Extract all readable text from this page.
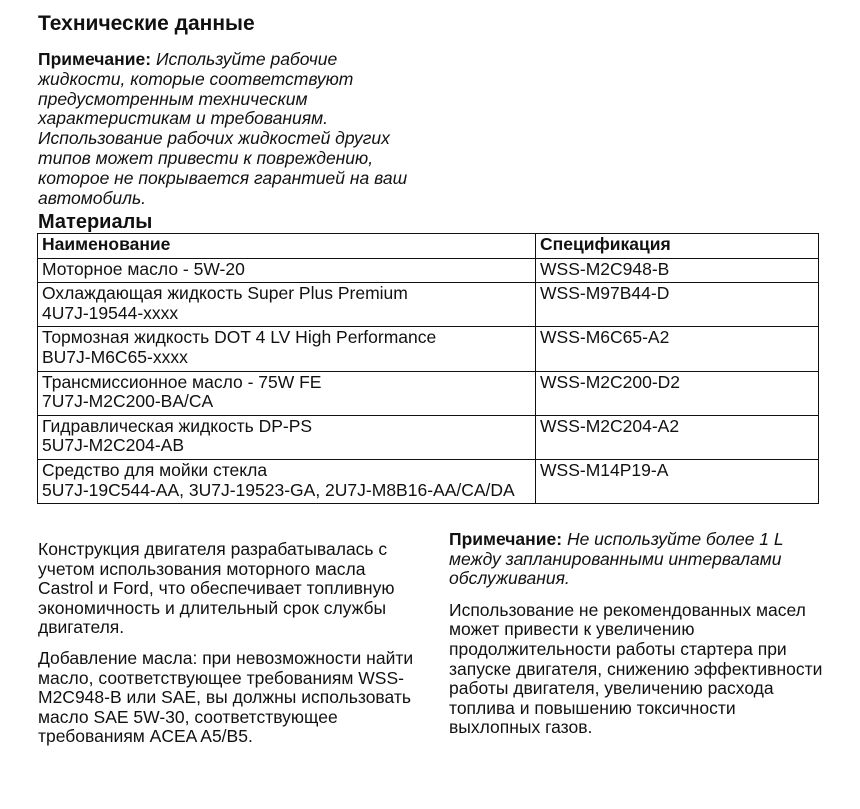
Технические данные
Примечание: Используйте рабочие жидкости, которые соответствуют предусмотренным техническим характеристикам и требованиям. Использование рабочих жидкостей других типов может привести к повреждению, которое не покрывается гарантией на ваш автомобиль.
Материалы
Наименование	Спецификация

Моторное масло - 5W-20	WSS-M2C948-B

Охлаждающая жидкость Super Plus Premium
4U7J-19544-xxxx	WSS-M97B44-D

Тормозная жидкость DOT 4 LV High Performance
BU7J-M6C65-xxxx	WSS-M6C65-A2

Трансмиссионное масло - 75W FE
7U7J-M2C200-BA/CA	WSS-M2C200-D2

Гидравлическая жидкость DP-PS
5U7J-M2C204-AB	WSS-M2C204-A2

Средство для мойки стекла
5U7J-19C544-AA, 3U7J-19523-GA, 2U7J-M8B16-AA/CA/DA	WSS-M14P19-A

Конструкция двигателя разрабатывалась с учетом использования моторного масла Castrol и Ford, что обеспечивает топливную экономичность и длительный срок службы двигателя.

Добавление масла: при невозможности найти масло, соответствующее требованиям WSS-M2C948-B или SAE, вы должны использовать масло SAE 5W-30, соответствующее требованиям ACEA A5/B5.

Примечание: Не используйте более 1 L между запланированными интервалами обслуживания.

Использование не рекомендованных масел может привести к увеличению продолжительности работы стартера при запуске двигателя, снижению эффективности работы двигателя, увеличению расхода топлива и повышению токсичности выхлопных газов.
